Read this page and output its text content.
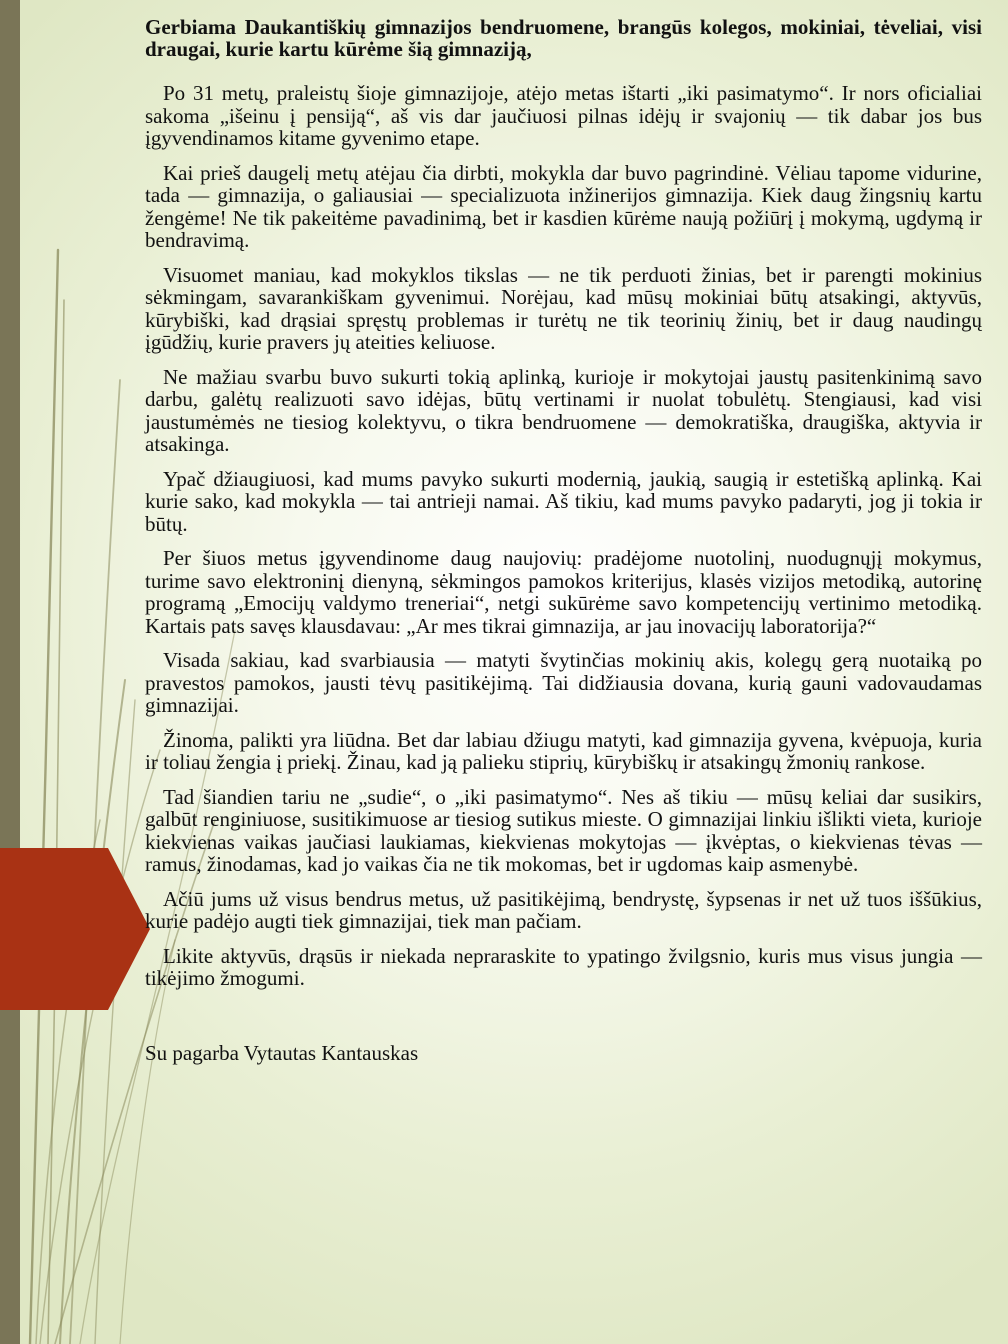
Gerbiama Daukantiškių gimnazijos bendruomene, brangūs kolegos, mokiniai, tėveliai, visi draugai, kurie kartu kūrėme šią gimnaziją,

Po 31 metų, praleistų šioje gimnazijoje, atėjo metas ištarti „iki pasimatymo“. Ir nors oficialiai sakoma „išeinu į pensiją“, aš vis dar jaučiuosi pilnas idėjų ir svajonių — tik dabar jos bus įgyvendinamos kitame gyvenimo etape.

Kai prieš daugelį metų atėjau čia dirbti, mokykla dar buvo pagrindinė. Vėliau tapome vidurine, tada — gimnazija, o galiausiai — specializuota inžinerijos gimnazija. Kiek daug žingsnių kartu žengėme! Ne tik pakeitėme pavadinimą, bet ir kasdien kūrėme naują požiūrį į mokymą, ugdymą ir bendravimą.

Visuomet maniau, kad mokyklos tikslas — ne tik perduoti žinias, bet ir parengti mokinius sėkmingam, savarankiškam gyvenimui. Norėjau, kad mūsų mokiniai būtų atsakingi, aktyvūs, kūrybiški, kad drąsiai spręstų problemas ir turėtų ne tik teorinių žinių, bet ir daug naudingų įgūdžių, kurie pravers jų ateities keliuose.

Ne mažiau svarbu buvo sukurti tokią aplinką, kurioje ir mokytojai jaustų pasitenkinimą savo darbu, galėtų realizuoti savo idėjas, būtų vertinami ir nuolat tobulėtų. Stengiausi, kad visi jaustumėmės ne tiesiog kolektyvu, o tikra bendruomene — demokratiška, draugiška, aktyvia ir atsakinga.

Ypač džiaugiuosi, kad mums pavyko sukurti modernią, jaukią, saugią ir estetišką aplinką. Kai kurie sako, kad mokykla — tai antrieji namai. Aš tikiu, kad mums pavyko padaryti, jog ji tokia ir būtų.

Per šiuos metus įgyvendinome daug naujovių: pradėjome nuotolinį, nuodugnųjį mokymus, turime savo elektroninį dienyną, sėkmingos pamokos kriterijus, klasės vizijos metodiką, autorinę programą „Emocijų valdymo treneriai“, netgi sukūrėme savo kompetencijų vertinimo metodiką. Kartais pats savęs klausdavau: „Ar mes tikrai gimnazija, ar jau inovacijų laboratorija?“

Visada sakiau, kad svarbiausia — matyti švytinčias mokinių akis, kolegų gerą nuotaiką po pravestos pamokos, jausti tėvų pasitikėjimą. Tai didžiausia dovana, kurią gauni vadovaudamas gimnazijai.

Žinoma, palikti yra liūdna. Bet dar labiau džiugu matyti, kad gimnazija gyvena, kvėpuoja, kuria ir toliau žengia į priekį. Žinau, kad ją palieku stiprių, kūrybiškų ir atsakingų žmonių rankose.

Tad šiandien tariu ne „sudie“, o „iki pasimatymo“. Nes aš tikiu — mūsų keliai dar susikirs, galbūt renginiuose, susitikimuose ar tiesiog sutikus mieste. O gimnazijai linkiu išlikti vieta, kurioje kiekvienas vaikas jaučiasi laukiamas, kiekvienas mokytojas — įkvėptas, o kiekvienas tėvas — ramus, žinodamas, kad jo vaikas čia ne tik mokomas, bet ir ugdomas kaip asmenybė.

Ačiū jums už visus bendrus metus, už pasitikėjimą, bendrystę, šypsenas ir net už tuos iššūkius, kurie padėjo augti tiek gimnazijai, tiek man pačiam.

Likite aktyvūs, drąsūs ir niekada nepraraskite to ypatingo žvilgsnio, kuris mus visus jungia — tikėjimo žmogumi.

Su pagarba Vytautas Kantauskas
